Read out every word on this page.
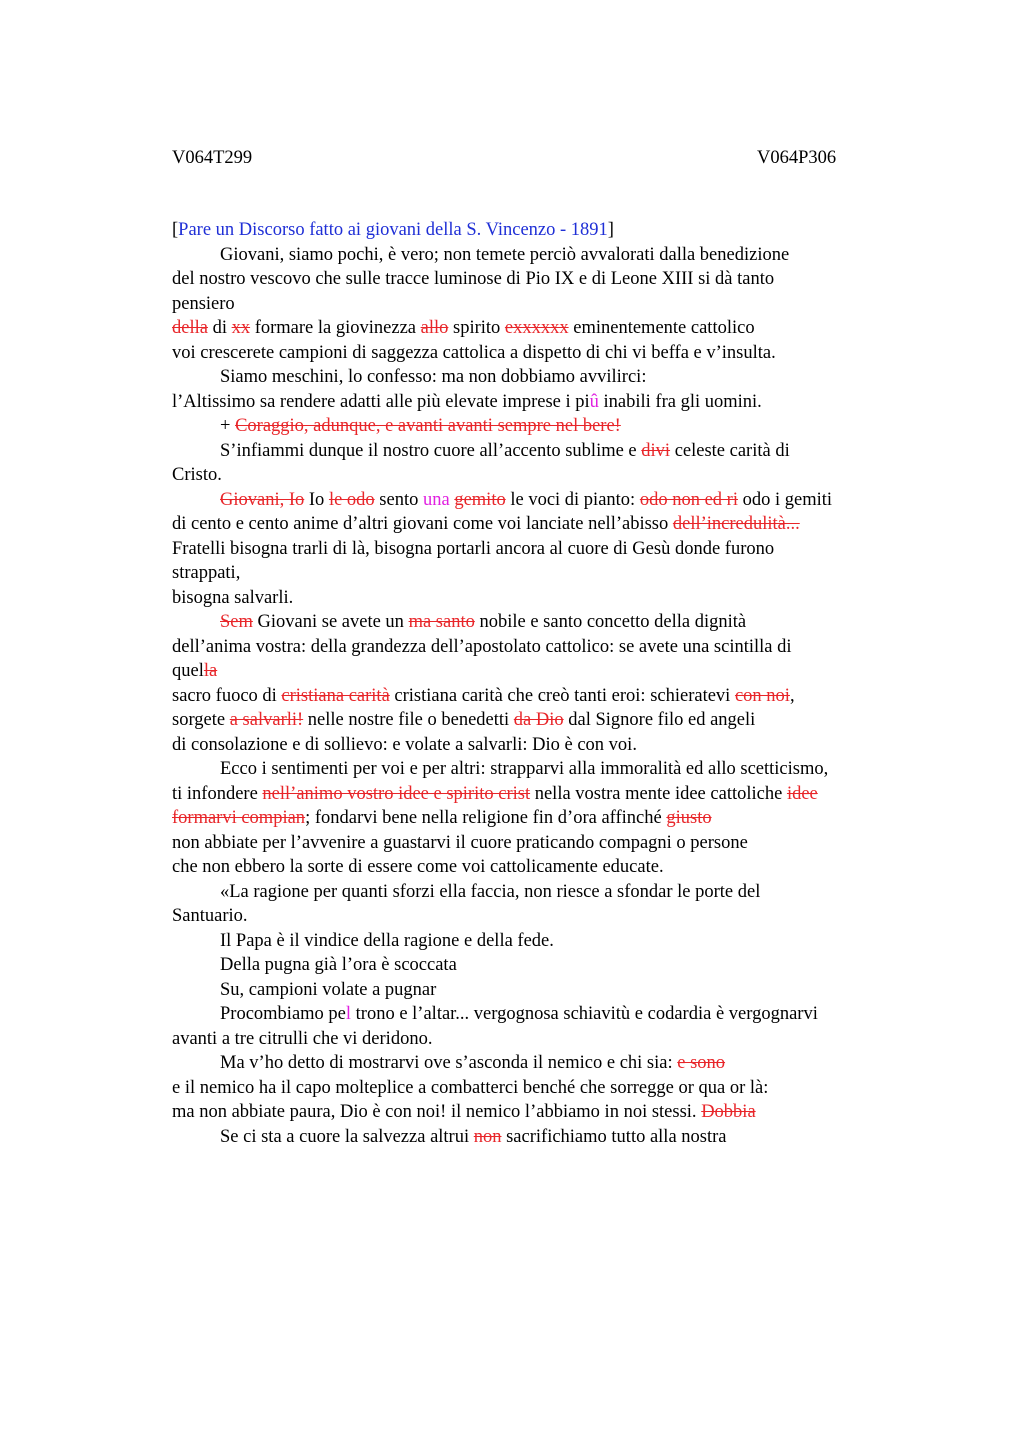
V064T299	V064P306
[Pare un Discorso fatto ai giovani della S. Vincenzo - 1891]
Giovani, siamo pochi, è vero; non temete perciò avvalorati dalla benedizione
del nostro vescovo che sulle tracce luminose di Pio IX e di Leone XIII si dà tanto
pensiero
della di xx formare la giovinezza allo spirito exxxxxx eminentemente cattolico
voi crescerete campioni di saggezza cattolica a dispetto di chi vi beffa e v’insulta.
Siamo meschini, lo confesso: ma non dobbiamo avvilirci:
l’Altissimo sa rendere adatti alle più elevate imprese i piû inabili fra gli uomini.
+ Coraggio, adunque, e avanti avanti sempre nel bere!
S’infiammi dunque il nostro cuore all’accento sublime e divi celeste carità di
Cristo.
Giovani, Io Io le odo sento una gemito le voci di pianto: odo non ed ri odo i gemiti
di cento e cento anime d’altri giovani come voi lanciate nell’abisso dell’incredulità...
Fratelli bisogna trarli di là, bisogna portarli ancora al cuore di Gesù donde furono
strappati,
bisogna salvarli.
Sem Giovani se avete un ma santo nobile e santo concetto della dignità
dell’anima vostra: della grandezza dell’apostolato cattolico: se avete una scintilla di
quella
sacro fuoco di cristiana carità cristiana carità che creò tanti eroi: schieratevi con noi,
sorgete a salvarli! nelle nostre file o benedetti da Dio dal Signore filo ed angeli
di consolazione e di sollievo: e volate a salvarli: Dio è con voi.
Ecco i sentimenti per voi e per altri: strapparvi alla immoralità ed allo scetticismo,
ti infondere nell’animo vostro idee e spirito crist nella vostra mente idee cattoliche idee
formarvi compian; fondarvi bene nella religione fin d’ora affinché giusto
non abbiate per l’avvenire a guastarvi il cuore praticando compagni o persone
che non ebbero la sorte di essere come voi cattolicamente educate.
«La ragione per quanti sforzi ella faccia, non riesce a sfondar le porte del
Santuario.
Il Papa è il vindice della ragione e della fede.
Della pugna già l’ora è scoccata
Su, campioni volate a pugnar
Procombiamo pel trono e l’altar... vergognosa schiavitù e codardia è vergognarvi
avanti a tre citrulli che vi deridono.
Ma v’ho detto di mostrarvi ove s’asconda il nemico e chi sia: e sono
e il nemico ha il capo molteplice a combatterci benché che sorregge or qua or là:
ma non abbiate paura, Dio è con noi! il nemico l’abbiamo in noi stessi. Dobbia
Se ci sta a cuore la salvezza altrui non sacrifichiamo tutto alla nostra
